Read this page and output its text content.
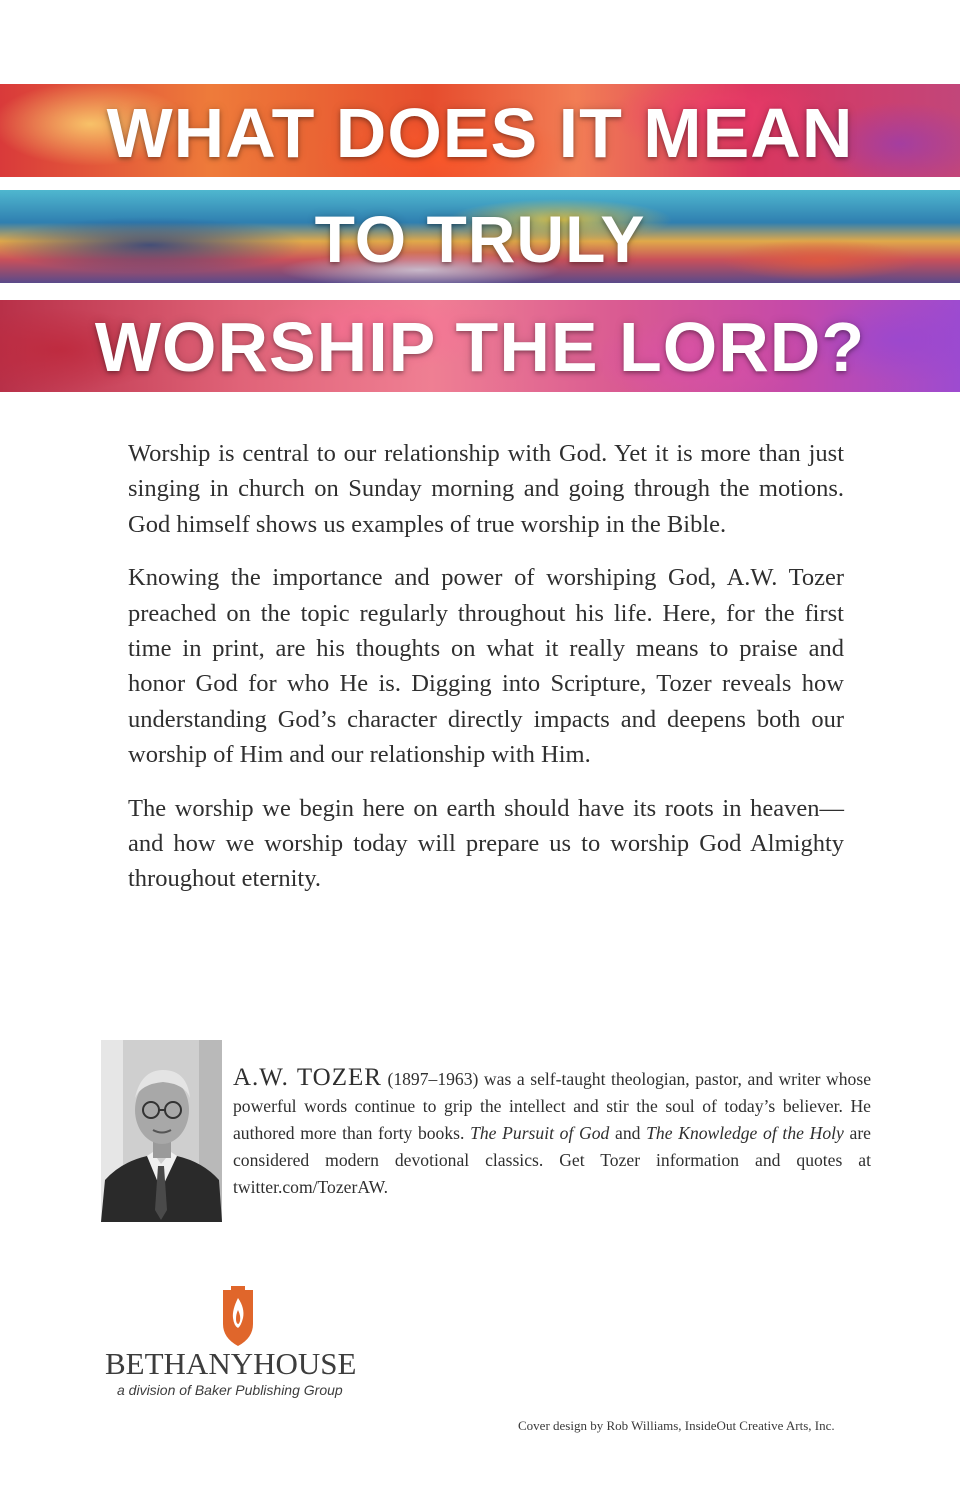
WHAT DOES IT MEAN
TO TRULY
WORSHIP THE LORD?

Worship is central to our relationship with God. Yet it is more than just singing in church on Sunday morning and going through the motions. God himself shows us examples of true worship in the Bible.

Knowing the importance and power of worshiping God, A.W. Tozer preached on the topic regularly throughout his life. Here, for the first time in print, are his thoughts on what it really means to praise and honor God for who He is. Digging into Scripture, Tozer reveals how understanding God’s character directly impacts and deepens both our worship of Him and our relationship with Him.

The worship we begin here on earth should have its roots in heaven—and how we worship today will prepare us to worship God Almighty throughout eternity.

A.W. TOZER (1897–1963) was a self-taught theologian, pastor, and writer whose powerful words continue to grip the intellect and stir the soul of today’s believer. He authored more than forty books. The Pursuit of God and The Knowledge of the Holy are considered modern devotional classics. Get Tozer information and quotes at twitter.com/TozerAW.
BETHANYHOUSE
a division of Baker Publishing Group
Cover design by Rob Williams, InsideOut Creative Arts, Inc.
